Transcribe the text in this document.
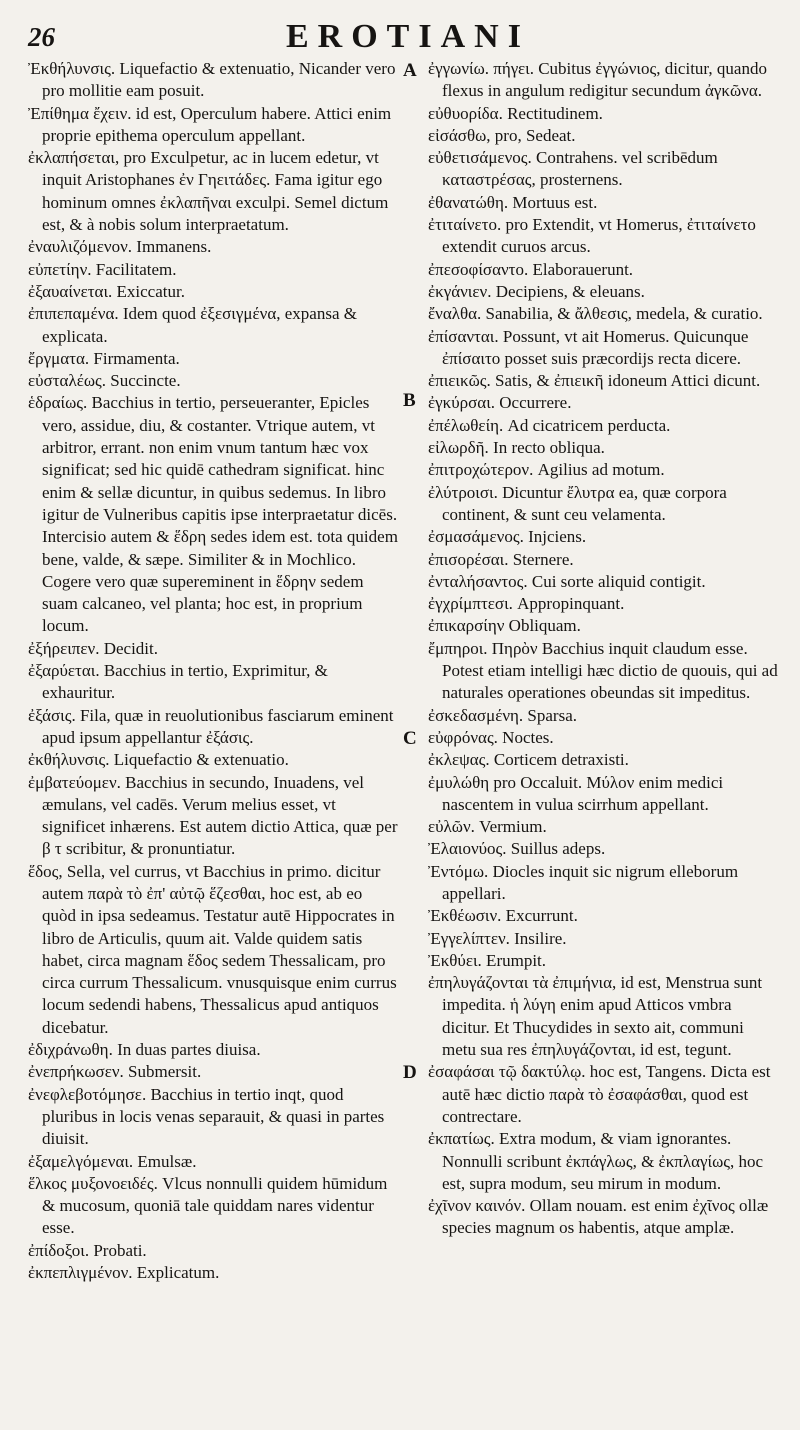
26	EROTIANI
Ἐκθήλυνσις. Liquefactio & extenuatio, Nicander vero pro mollitie eam posuit.
Ἐπίθημα ἔχειν. id est, Operculum habere. Attici enim proprie epithema operculum appellant.
ἐκλαπήσεται, pro Exculpetur, ac in lucem edetur, vt inquit Aristophanes ἐν Γηειτάδες. Fama igitur ego hominum omnes ἐκλαπῆναι exculpi. Semel dictum est, & à nobis solum interpraetatum.
ἐναυλιζόμενον. Immanens.
εὐπετίην. Facilitatem.
ἐξαυαίνεται. Exiccatur.
ἐπιπεπαμένα. Idem quod ἐξεσιγμένα, expansa & explicata.
ἔργματα. Firmamenta.
εὐσταλέως. Succincte.
ἑδραίως. Bacchius in tertio, perseueranter, Epicles vero, assidue, diu, & costanter. Vtrique autem, vt arbitror, errant. non enim vnum tantum hæc vox significat; sed hic quidē cathedram significat. hinc enim & sellæ dicuntur, in quibus sedemus. In libro igitur de Vulneribus capitis ipse interpraetatur dicēs. Intercisio autem & ἕδρη sedes idem est. tota quidem bene, valde, & sæpe. Similiter & in Mochlico. Cogere vero quæ supereminent in ἕδρην sedem suam calcaneo, vel planta; hoc est, in proprium locum.
ἐξήρειπεν. Decidit.
ἐξαρύεται. Bacchius in tertio, Exprimitur, & exhauritur.
ἐξάσις. Fila, quæ in reuolutionibus fasciarum eminent apud ipsum appellantur ἐξάσις.
ἐκθήλυνσις. Liquefactio & extenuatio.
ἐμβατεύομεν. Bacchius in secundo, Inuadens, vel æmulans, vel cadēs. Verum melius esset, vt significet inhærens. Est autem dictio Attica, quæ per β τ scribitur, & pronuntiatur.
ἕδος, Sella, vel currus, vt Bacchius in primo. dicitur autem παρὰ τὸ ἐπ' αὐτῷ ἕζεσθαι, hoc est, ab eo quòd in ipsa sedeamus. Testatur autē Hippocrates in libro de Articulis, quum ait. Valde quidem satis habet, circa magnam ἕδος sedem Thessalicam, pro circa currum Thessalicum. vnusquisque enim currus locum sedendi habens, Thessalicus apud antiquos dicebatur.
ἐδιχράνωθη. In duas partes diuisa.
ἐνεπρήκωσεν. Submersit.
ἐνεφλεβοτόμησε. Bacchius in tertio inqt, quod pluribus in locis venas separauit, & quasi in partes diuisit.
ἐξαμελγόμεναι. Emulsæ.
ἕλκος μυξονοειδές. Vlcus nonnulli quidem hūmidum & mucosum, quoniā tale quiddam nares videntur esse.
ἐπίδοξοι. Probati.
ἐκπεπλιγμένον. Explicatum.
ἐγγωνίω. πήγει. Cubitus ἐγγώνιος, dicitur, quando flexus in angulum redigitur secundum ἀγκῶνα.
εὐθυορίδα. Rectitudinem.
εἰσάσθω, pro, Sedeat.
εὐθετισάμενος. Contrahens. vel scribēdum καταστρέσας, prosternens.
ἐθανατώθη. Mortuus est.
ἐτιταίνετο. pro Extendit, vt Homerus, ἐτιταίνετο extendit curuos arcus.
ἐπεσοφίσαντο. Elaborauerunt.
ἐκγάνιεν. Decipiens, & eleuans.
ἔναλθα. Sanabilia, & ἄλθεσις, medela, & curatio.
ἐπίσανται. Possunt, vt ait Homerus. Quicunque ἐπίσαιτο posset suis præcordijs recta dicere.
ἐπιεικῶς. Satis, & ἐπιεικῆ idoneum Attici dicunt.
ἐγκύρσαι. Occurrere.
ἐπέλωθείη. Ad cicatricem perducta.
εἰλωρδῆ. In recto obliqua.
ἐπιτροχώτερον. Agilius ad motum.
ἐλύτροισι. Dicuntur ἔλυτρα ea, quæ corpora continent, & sunt ceu velamenta.
ἐσμασάμενος. Injciens.
ἐπισορέσαι. Sternere.
ἐνταλήσαντος. Cui sorte aliquid contigit.
ἐγχρίμπτεσι. Appropinquant.
ἐπικαρσίην Obliquam.
ἔμπηροι. Πηρὸν Bacchius inquit claudum esse. Potest etiam intelligi hæc dictio de quouis, qui ad naturales operationes obeundas sit impeditus.
ἐσκεδασμένη. Sparsa.
εὐφρόνας. Noctes.
ἐκλεψας. Corticem detraxisti.
ἐμυλώθη pro Occaluit. Μύλον enim medici nascentem in vulua scirrhum appellant.
εὐλῶν. Vermium.
Ἐλαιονύος. Suillus adeps.
Ἐντόμω. Diocles inquit sic nigrum elleborum appellari.
Ἐκθέωσιν. Excurrunt.
Ἐγγελίπτεν. Insilire.
Ἐκθύει. Erumpit.
ἐπηλυγάζονται τὰ ἐπιμήνια, id est, Menstrua sunt impedita. ἡ λύγη enim apud Atticos vmbra dicitur. Et Thucydides in sexto ait, communi metu sua res ἐπηλυγάζονται, id est, tegunt.
ἐσαφάσαι τῷ δακτύλῳ. hoc est, Tangens. Dicta est autē hæc dictio παρὰ τὸ ἐσαφάσθαι, quod est contrectare.
ἐκπατίως. Extra modum, & viam ignorantes. Nonnulli scribunt ἐκπάγλως, & ἐκπλαγίως, hoc est, supra modum, seu mirum in modum.
ἐχῖνον καινόν. Ollam nouam. est enim ἐχῖνος ollæ species magnum os habentis, atque amplæ.
A
B
C
D
